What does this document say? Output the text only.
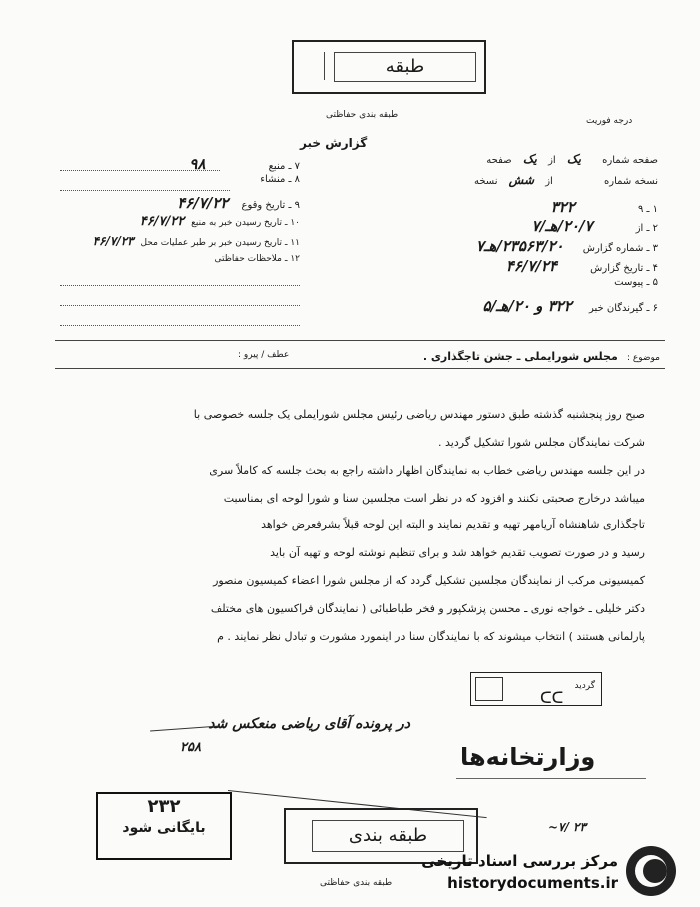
طبقه
طبقه بندی حفاظتی
درجه فوریت
گزارش خبر
صفحه شماره یک از یک صفحه
نسخه شماره از شش نسخه
۱ ـ ۹ ۳۲۲
۲ ـ از ۲۰/۷/هـ/۷
۳ ـ شماره گزارش ۲۳۵۶۳/۲۰/هـ۷
۴ ـ تاریخ گزارش ۴۶/۷/۲۴
۵ ـ پیوست
۶ ـ گیرندگان خبر ۳۲۲ و ۲۰/هـ/۵
۷ ـ منبع ۹۸
۸ ـ منشاء
۹ ـ تاریخ وقوع ۴۶/۷/۲۲
۱۰ ـ تاریخ رسیدن خبر به منبع ۴۶/۷/۲۲
۱۱ ـ تاریخ رسیدن خبر بر طبر عملیات محل ۴۶/۷/۲۳
۱۲ ـ ملاحظات حفاظتی
موضوع : مجلس شورایملی ـ جشن تاجگذاری .
عطف / پیرو :

صبح روز پنجشنبه گذشته طبق دستور مهندس ریاضی رئیس مجلس شورایملی یک جلسه خصوصی با

شرکت نمایندگان مجلس شورا تشکیل گردید .

در این جلسه مهندس ریاضی خطاب به نمایندگان اظهار داشته راجع به بحث جلسه که کاملاً سری

میباشد درخارج صحبتی نکنند و افزود که در نظر است مجلسین سنا و شورا لوحه ای بمناسبت

تاجگذاری شاهنشاه آریامهر تهیه و تقدیم نمایند و البته این لوحه قبلاً بشرفعرض خواهد

رسید و در صورت تصویب تقدیم خواهد شد و برای تنظیم نوشته لوحه و تهیه آن باید

کمیسیونی مرکب از نمایندگان مجلسین تشکیل گردد که از مجلس شورا اعضاء کمیسیون منصور

دکتر خلیلی ـ خواجه نوری ـ محسن پزشکپور و فخر طباطبائی ( نمایندگان فراکسیون های مختلف

پارلمانی هستند ) انتخاب میشوند که با نمایندگان سنا در اینمورد مشورت و تبادل نظر نمایند . م

گردید
ᑕᑕ
در پرونده آقای ریاضی منعکس شد
۲۵۸	وزارتخانه‌ها
۲۳۲
بایگانی شود	~۷/ ۲۳
طبقه بندی
طبقه بندی حفاظتی
مرکز بررسی اسناد تاریخی
historydocuments.ir
